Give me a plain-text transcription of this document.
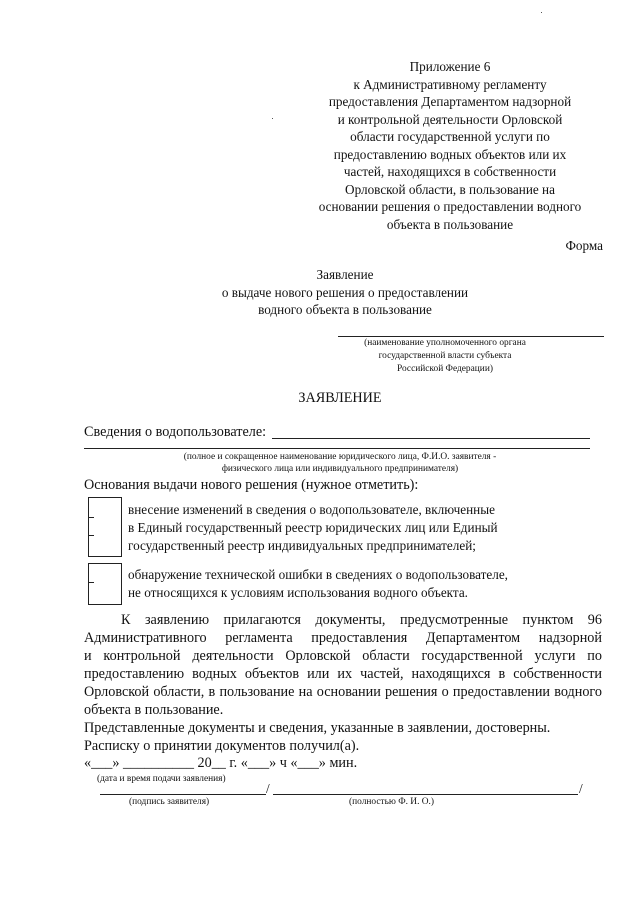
Приложение 6
к Административному регламенту
предоставления Департаментом надзорной
и контрольной деятельности Орловской
области государственной услуги по
предоставлению водных объектов или их
частей, находящихся в собственности
Орловской области, в пользование на
основании решения о предоставлении водного
объекта в пользование
Форма
Заявление
о выдаче нового решения о предоставлении
водного объекта в пользование
(наименование уполномоченного органа
государственной власти субъекта
Российской Федерации)
ЗАЯВЛЕНИЕ
Сведения о водопользователе:
(полное и сокращенное наименование юридического лица, Ф.И.О. заявителя -
физического лица или индивидуального предпринимателя)
Основания выдачи нового решения (нужное отметить):
внесение изменений в сведения о водопользователе, включенные
в Единый государственный реестр юридических лиц или Единый
государственный реестр индивидуальных предпринимателей;
обнаружение технической ошибки в сведениях о водопользователе,
не относящихся к условиям использования водного объекта.
К заявлению прилагаются документы, предусмотренные пунктом 96
Административного регламента предоставления Департаментом надзорной
и контрольной деятельности Орловской области государственной услуги по
предоставлению водных объектов или их частей, находящихся в собственности
Орловской области, в пользование на основании решения о предоставлении водного
объекта в пользование.
Представленные документы и сведения, указанные в заявлении, достоверны.
Расписку о принятии документов получил(а).
«___» __________ 20__ г. «___» ч «___» мин.
(дата и время подачи заявления)
/	/
(подпись заявителя)	(полностью Ф. И. О.)
